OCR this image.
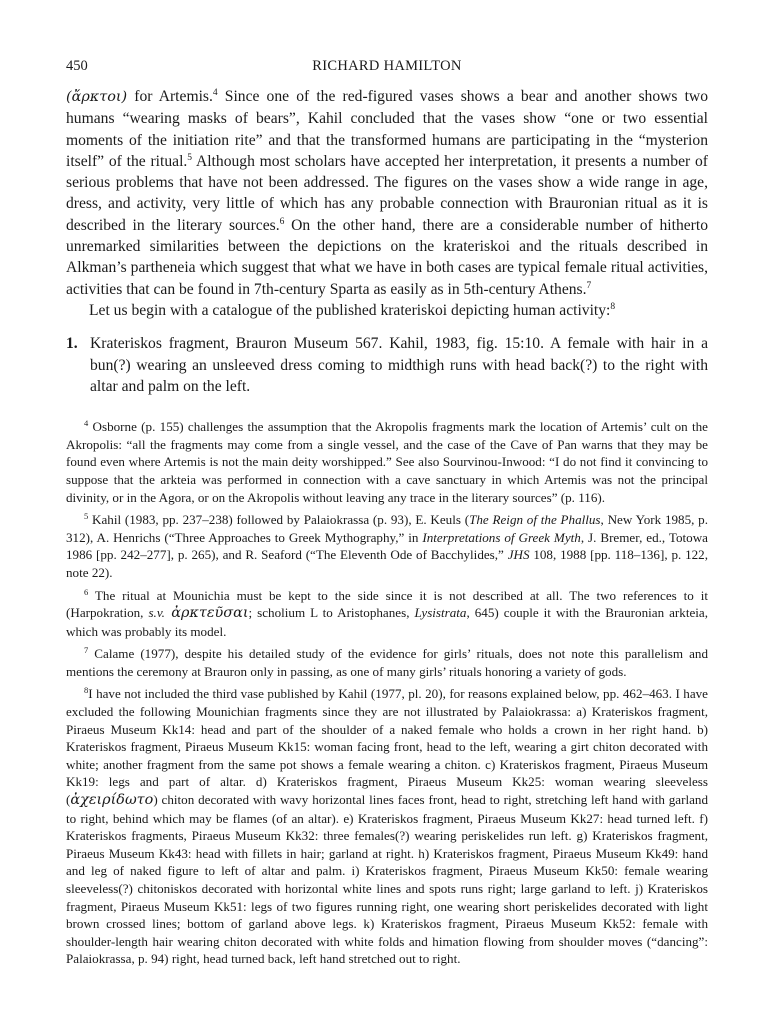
450	RICHARD HAMILTON

(ἄρκτοι) for Artemis.$^4$ Since one of the red-figured vases shows a bear and another shows two humans “wearing masks of bears”, Kahil concluded that the vases show “one or two essential moments of the initiation rite” and that the transformed humans are participating in the “mysterion itself” of the ritual.$^5$ Although most scholars have accepted her interpretation, it presents a number of serious problems that have not been addressed. The figures on the vases show a wide range in age, dress, and activity, very little of which has any probable connection with Brauronian ritual as it is described in the literary sources.$^6$ On the other hand, there are a considerable number of hitherto unremarked similarities between the depictions on the krateriskoi and the rituals described in Alkman’s partheneia which suggest that what we have in both cases are typical female ritual activities, activities that can be found in 7th-century Sparta as easily as in 5th-century Athens.$^7$

Let us begin with a catalogue of the published krateriskoi depicting human activity:$^8$

1. Krateriskos fragment, Brauron Museum 567. Kahil, 1983, fig. 15:10. A female with hair in a bun(?) wearing an unsleeved dress coming to midthigh runs with head back(?) to the right with altar and palm on the left.

$^4$ Osborne (p. 155) challenges the assumption that the Akropolis fragments mark the location of Artemis’ cult on the Akropolis: “all the fragments may come from a single vessel, and the case of the Cave of Pan warns that they may be found even where Artemis is not the main deity worshipped.” See also Sourvinou-Inwood: “I do not find it convincing to suppose that the arkteia was performed in connection with a cave sanctuary in which Artemis was not the principal divinity, or in the Agora, or on the Akropolis without leaving any trace in the literary sources” (p. 116).

$^5$ Kahil (1983, pp. 237–238) followed by Palaiokrassa (p. 93), E. Keuls (The Reign of the Phallus, New York 1985, p. 312), A. Henrichs (“Three Approaches to Greek Mythography,” in Interpretations of Greek Myth, J. Bremer, ed., Totowa 1986 [pp. 242–277], p. 265), and R. Seaford (“The Eleventh Ode of Bacchylides,” JHS 108, 1988 [pp. 118–136], p. 122, note 22).

$^6$ The ritual at Mounichia must be kept to the side since it is not described at all. The two references to it (Harpokration, s.v. ἀρκτεῦσαι; scholium L to Aristophanes, Lysistrata, 645) couple it with the Brauronian arkteia, which was probably its model.

$^7$ Calame (1977), despite his detailed study of the evidence for girls’ rituals, does not note this parallelism and mentions the ceremony at Brauron only in passing, as one of many girls’ rituals honoring a variety of gods.

$^8$I have not included the third vase published by Kahil (1977, pl. 20), for reasons explained below, pp. 462–463. I have excluded the following Mounichian fragments since they are not illustrated by Palaiokrassa: a) Krateriskos fragment, Piraeus Museum Kk14: head and part of the shoulder of a naked female who holds a crown in her right hand. b) Krateriskos fragment, Piraeus Museum Kk15: woman facing front, head to the left, wearing a girt chiton decorated with white; another fragment from the same pot shows a female wearing a chiton. c) Krateriskos fragment, Piraeus Museum Kk19: legs and part of altar. d) Krateriskos fragment, Piraeus Museum Kk25: woman wearing sleeveless (ἀχειρίδωτο) chiton decorated with wavy horizontal lines faces front, head to right, stretching left hand with garland to right, behind which may be flames (of an altar). e) Krateriskos fragment, Piraeus Museum Kk27: head turned left. f) Krateriskos fragments, Piraeus Museum Kk32: three females(?) wearing periskelides run left. g) Krateriskos fragment, Piraeus Museum Kk43: head with fillets in hair; garland at right. h) Krateriskos fragment, Piraeus Museum Kk49: hand and leg of naked figure to left of altar and palm. i) Krateriskos fragment, Piraeus Museum Kk50: female wearing sleeveless(?) chitoniskos decorated with horizontal white lines and spots runs right; large garland to left. j) Krateriskos fragment, Piraeus Museum Kk51: legs of two figures running right, one wearing short periskelides decorated with light brown crossed lines; bottom of garland above legs. k) Krateriskos fragment, Piraeus Museum Kk52: female with shoulder-length hair wearing chiton decorated with white folds and himation flowing from shoulder moves (“dancing”: Palaiokrassa, p. 94) right, head turned back, left hand stretched out to right.
